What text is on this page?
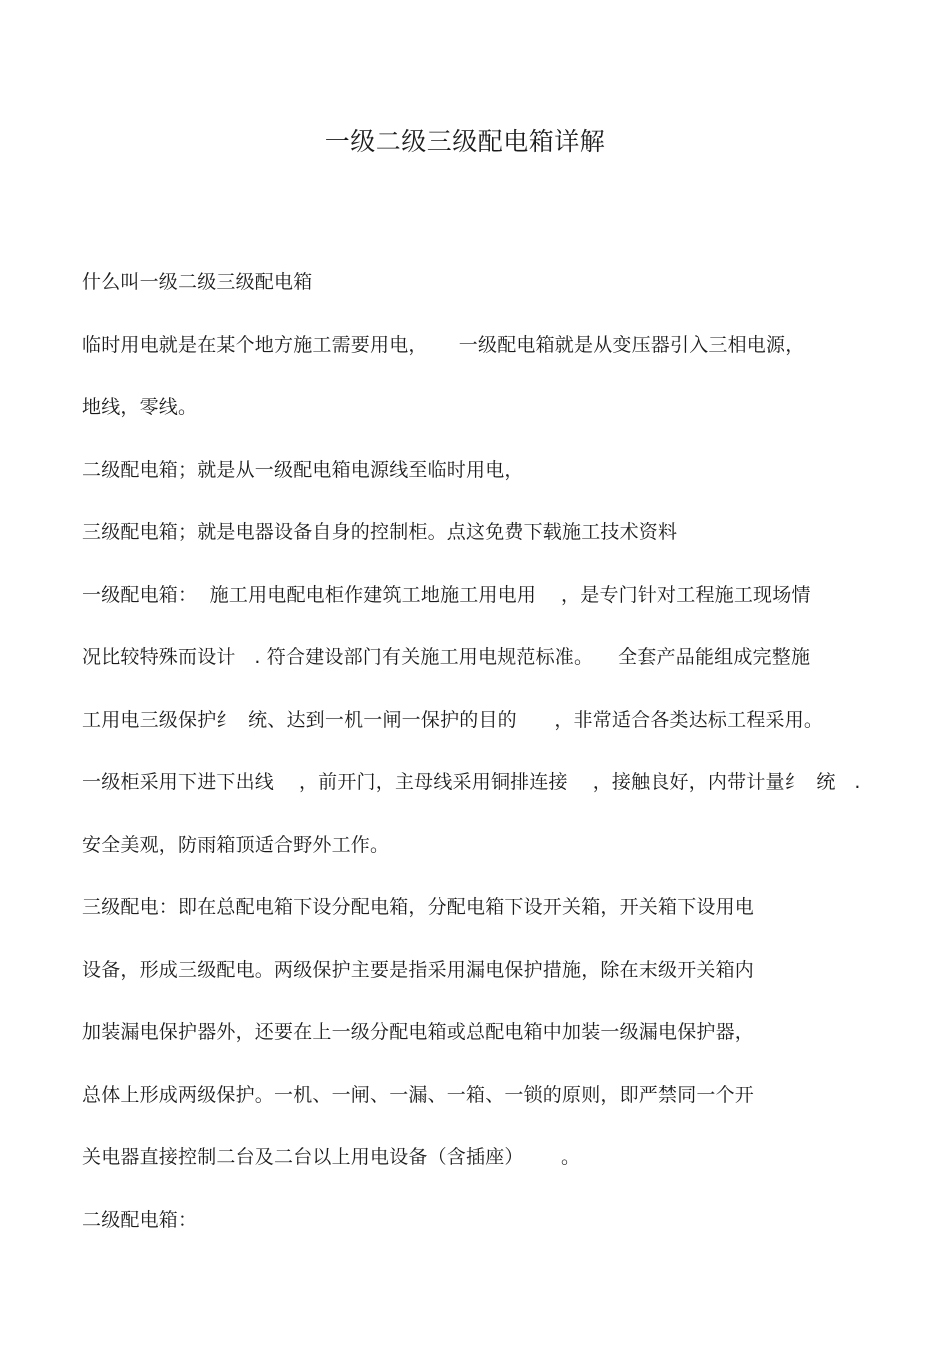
一级二级三级配电箱详解
什么叫一级二级三级配电箱
临时用电就是在某个地方施工需要用电，     一级配电箱就是从变压器引入三相电源，
地线，零线。
二级配电箱；就是从一级配电箱电源线至临时用电，
三级配电箱；就是电器设备自身的控制柜。点这免费下载施工技术资料
一级配电箱：  施工用电配电柜作建筑工地施工用电用    ，是专门针对工程施工现场情
况比较特殊而设计   . 符合建设部门有关施工用电规范标准。    全套产品能组成完整施
工用电三级保护纟  统、达到一机一闸一保护的目的      ，非常适合各类达标工程采用。
一级柜采用下进下出线    ，前开门，主母线采用铜排连接    ，接触良好，内带计量纟  统   .
安全美观，防雨箱顶适合野外工作。
三级配电：即在总配电箱下设分配电箱，分配电箱下设开关箱，开关箱下设用电
设备，形成三级配电。两级保护主要是指采用漏电保护措施，除在末级开关箱内
加装漏电保护器外，还要在上一级分配电箱或总配电箱中加装一级漏电保护器，
总体上形成两级保护。一机、一闸、一漏、一箱、一锁的原则，即严禁同一个开
关电器直接控制二台及二台以上用电设备（含插座）      。
二级配电箱：
